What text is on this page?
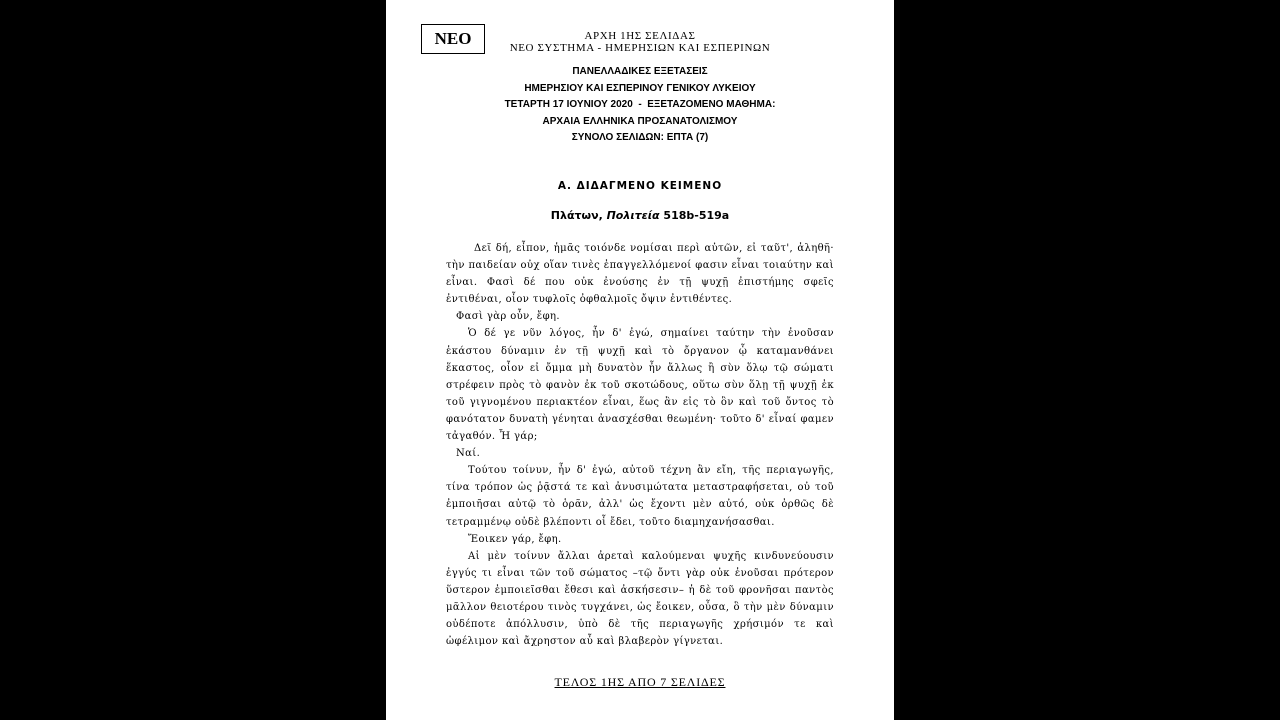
ΝΕΟ	ΑΡΧΗ 1ΗΣ ΣΕΛΙΔΑΣ
ΝΕΟ ΣΥΣΤΗΜΑ - ΗΜΕΡΗΣΙΩΝ ΚΑΙ ΕΣΠΕΡΙΝΩΝ
ΠΑΝΕΛΛΑΔΙΚΕΣ ΕΞΕΤΑΣΕΙΣ
ΗΜΕΡΗΣΙΟΥ ΚΑΙ ΕΣΠΕΡΙΝΟΥ ΓΕΝΙΚΟΥ ΛΥΚΕΙΟΥ
ΤΕΤΑΡΤΗ 17 ΙΟΥΝΙΟΥ 2020  -  ΕΞΕΤΑΖΟΜΕΝΟ ΜΑΘΗΜΑ:
ΑΡΧΑΙΑ ΕΛΛΗΝΙΚΑ ΠΡΟΣΑΝΑΤΟΛΙΣΜΟΥ
ΣΥΝΟΛΟ ΣΕΛΙΔΩΝ: ΕΠΤΑ (7)
Α. ΔΙΔΑΓΜΕΝΟ ΚΕΙΜΕΝΟ
Πλάτων, Πολιτεία 518b-519a

Δεῖ δή, εἶπον, ἡμᾶς τοιόνδε νομίσαι περὶ αὐτῶν, εἰ ταῦτ', ἀληθῆ· τὴν παιδείαν οὐχ οἵαν τινὲς ἐπαγγελλόμενοί φασιν εἶναι τοιαύτην καὶ εἶναι. Φασὶ δέ που οὐκ ἐνούσης ἐν τῇ ψυχῇ ἐπιστήμης σφεῖς ἐντιθέναι, οἷον τυφλοῖς ὀφθαλμοῖς ὄψιν ἐντιθέντες.

Φασὶ γὰρ οὖν, ἔφη.

Ὁ δέ γε νῦν λόγος, ἦν δ' ἐγώ, σημαίνει ταύτην τὴν ἐνοῦσαν ἑκάστου δύναμιν ἐν τῇ ψυχῇ καὶ τὸ ὄργανον ᾧ καταμανθάνει ἕκαστος, οἷον εἰ ὄμμα μὴ δυνατὸν ἦν ἄλλως ἢ σὺν ὅλῳ τῷ σώματι στρέφειν πρὸς τὸ φανὸν ἐκ τοῦ σκοτώδους, οὕτω σὺν ὅλῃ τῇ ψυχῇ ἐκ τοῦ γιγνομένου περιακτέον εἶναι, ἕως ἂν εἰς τὸ ὂν καὶ τοῦ ὄντος τὸ φανότατον δυνατὴ γένηται ἀνασχέσθαι θεωμένη· τοῦτο δ' εἶναί φαμεν τἀγαθόν. Ἦ γάρ;

Ναί.

Τούτου τοίνυν, ἦν δ' ἐγώ, αὐτοῦ τέχνη ἂν εἴη, τῆς περιαγωγῆς, τίνα τρόπον ὡς ῥᾷστά τε καὶ ἀνυσιμώτατα μεταστραφήσεται, οὐ τοῦ ἐμποιῆσαι αὐτῷ τὸ ὁρᾶν, ἀλλ' ὡς ἔχοντι μὲν αὐτό, οὐκ ὀρθῶς δὲ τετραμμένῳ οὐδὲ βλέποντι οἷ ἔδει, τοῦτο διαμηχανήσασθαι.

Ἔοικεν γάρ, ἔφη.

Αἱ μὲν τοίνυν ἄλλαι ἀρεταὶ καλούμεναι ψυχῆς κινδυνεύουσιν ἐγγύς τι εἶναι τῶν τοῦ σώματος –τῷ ὄντι γὰρ οὐκ ἐνοῦσαι πρότερον ὕστερον ἐμποιεῖσθαι ἔθεσι καὶ ἀσκήσεσιν– ἡ δὲ τοῦ φρονῆσαι παντὸς μᾶλλον θειοτέρου τινὸς τυγχάνει, ὡς ἔοικεν, οὖσα, ὃ τὴν μὲν δύναμιν οὐδέποτε ἀπόλλυσιν, ὑπὸ δὲ τῆς περιαγωγῆς χρήσιμόν τε καὶ ὠφέλιμον καὶ ἄχρηστον αὖ καὶ βλαβερὸν γίγνεται.

ΤΕΛΟΣ 1ΗΣ ΑΠΟ 7 ΣΕΛΙΔΕΣ
